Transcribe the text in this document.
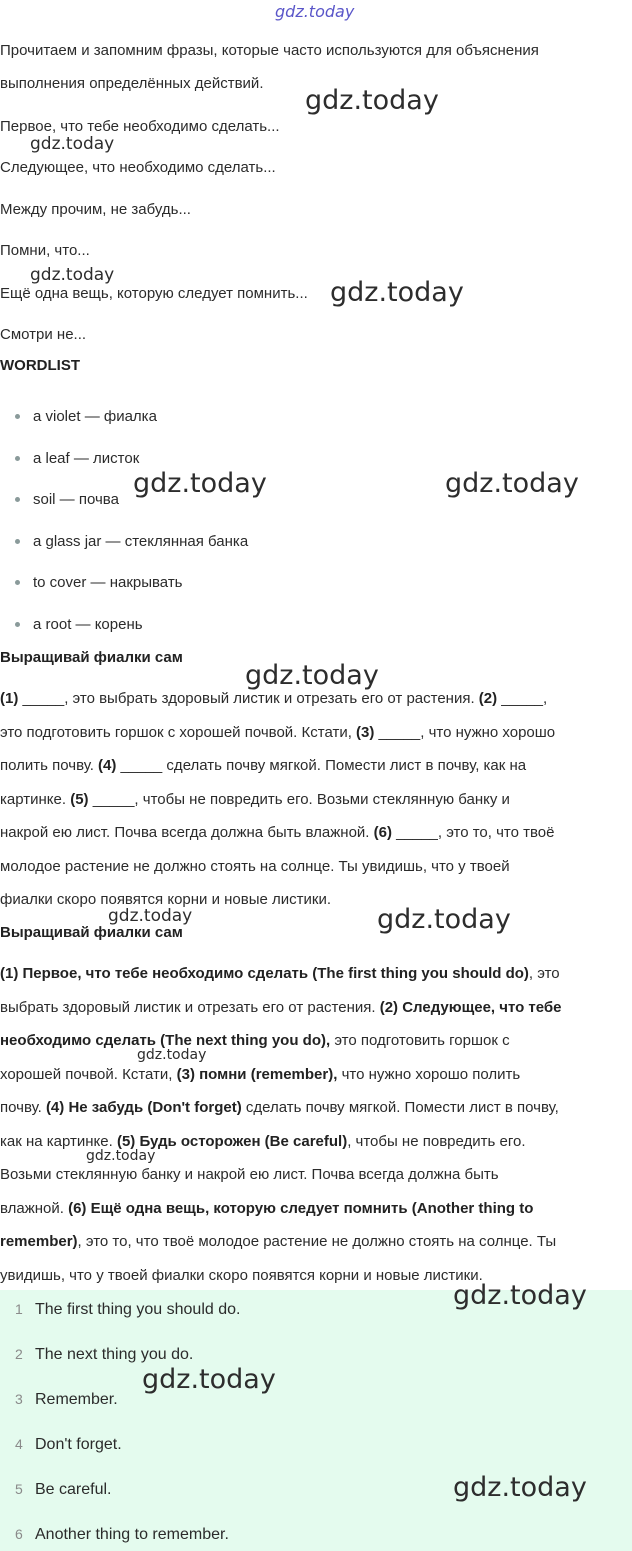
Прочитаем и запомним фразы, которые часто используются для объяснения
выполнения определённых действий.
Первое, что тебе необходимо сделать...
Следующее, что необходимо сделать...
Между прочим, не забудь...
Помни, что...
Ещё одна вещь, которую следует помнить...
Смотри не...
WORDLIST
a violet — фиалка
a leaf — листок
soil — почва
a glass jar — стеклянная банка
to cover — накрывать
a root — корень
Выращивай фиалки сам
(1) _____, это выбрать здоровый листик и отрезать его от растения. (2) _____,
это подготовить горшок с хорошей почвой. Кстати, (3) _____, что нужно хорошо
полить почву. (4) _____ сделать почву мягкой. Помести лист в почву, как на
картинке. (5) _____, чтобы не повредить его. Возьми стеклянную банку и
накрой ею лист. Почва всегда должна быть влажной. (6) _____, это то, что твоё
молодое растение не должно стоять на солнце. Ты увидишь, что у твоей
фиалки скоро появятся корни и новые листики.
Выращивай фиалки сам
(1) Первое, что тебе необходимо сделать (The first thing you should do), это
выбрать здоровый листик и отрезать его от растения. (2) Следующее, что тебе
необходимо сделать (The next thing you do), это подготовить горшок с
хорошей почвой. Кстати, (3) помни (remember), что нужно хорошо полить
почву. (4) Не забудь (Don't forget) сделать почву мягкой. Помести лист в почву,
как на картинке. (5) Будь осторожен (Be careful), чтобы не повредить его.
Возьми стеклянную банку и накрой ею лист. Почва всегда должна быть
влажной. (6) Ещё одна вещь, которую следует помнить (Another thing to
remember), это то, что твоё молодое растение не должно стоять на солнце. Ты
увидишь, что у твоей фиалки скоро появятся корни и новые листики.
1 The first thing you should do.
2 The next thing you do.
3 Remember.
4 Don't forget.
5 Be careful.
6 Another thing to remember.
gdz.today
gdz.today
gdz.today
gdz.today
gdz.today
gdz.today	gdz.today
gdz.today
gdz.today	gdz.today
gdz.today
gdz.today
gdz.today
gdz.today
gdz.today
